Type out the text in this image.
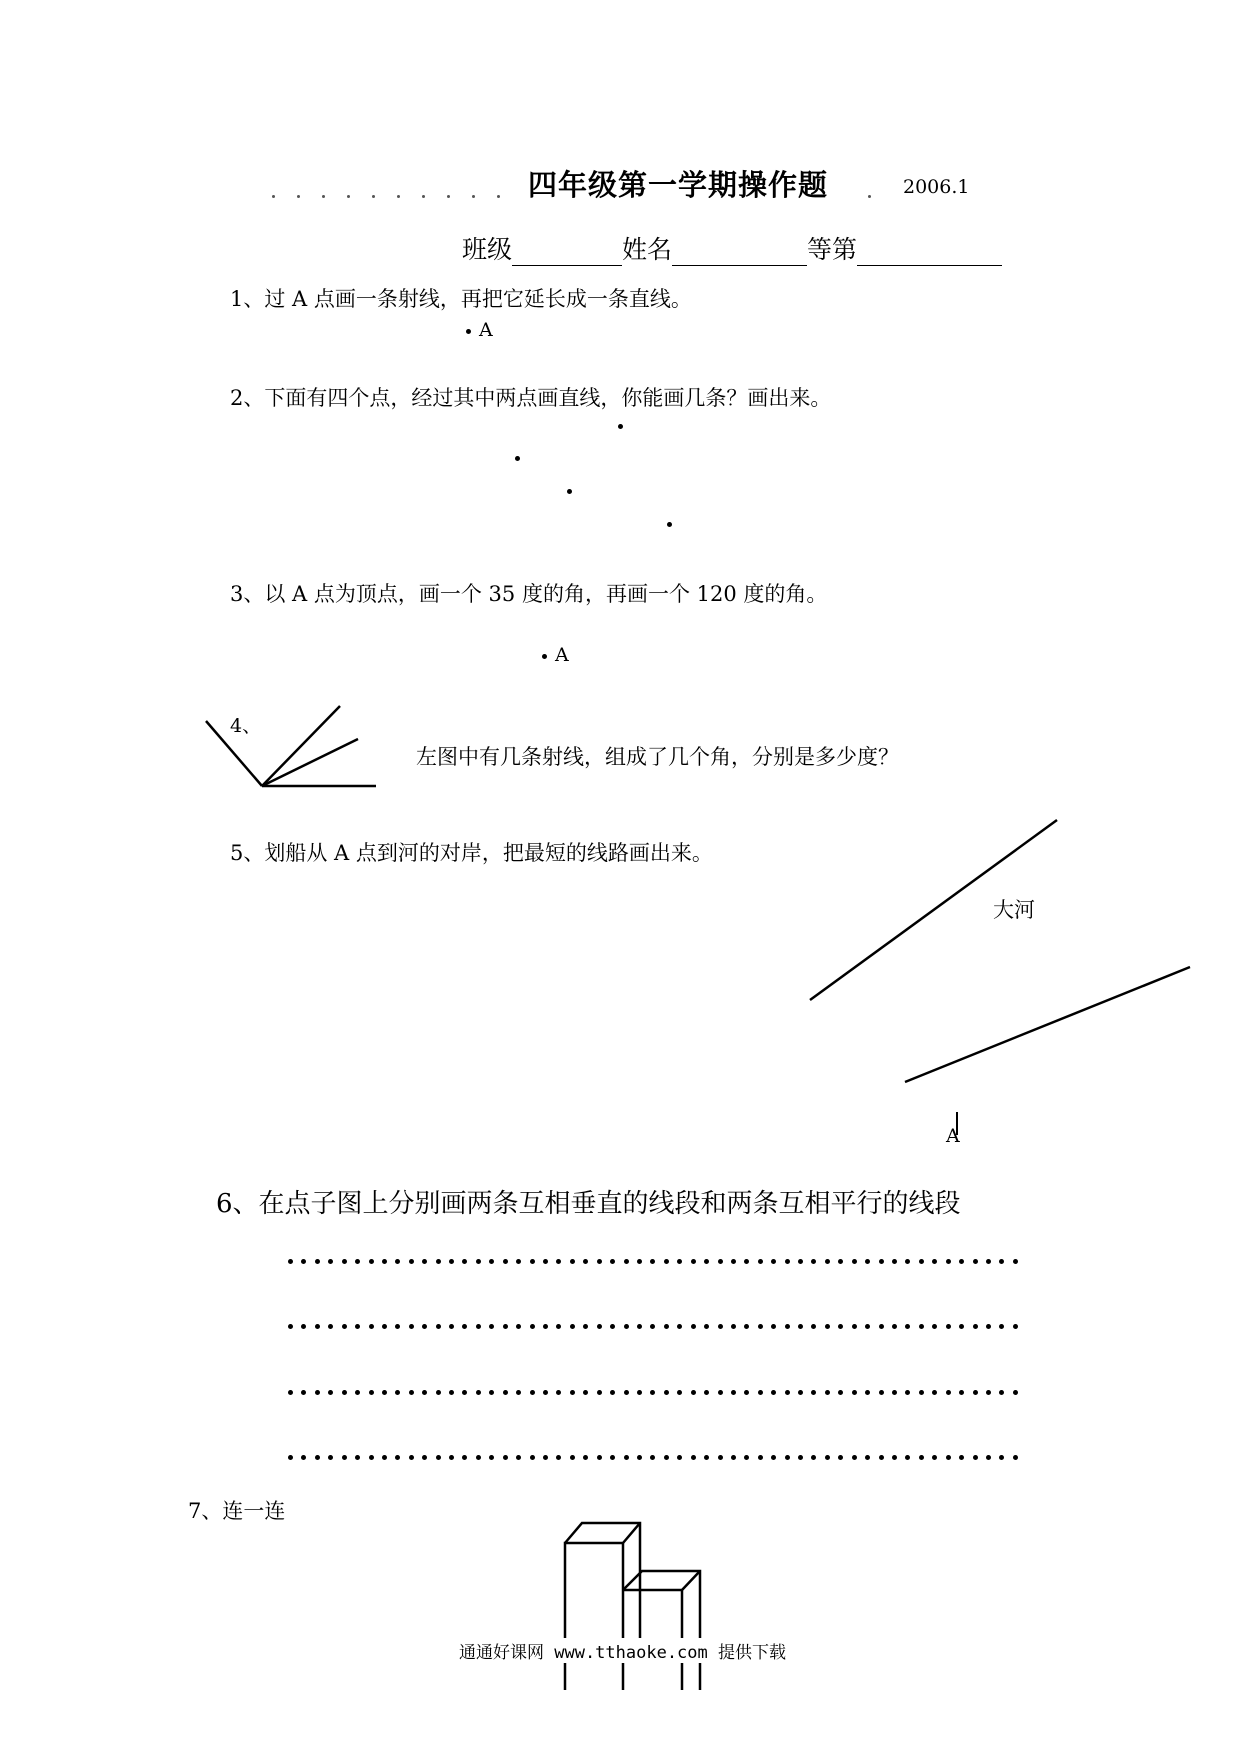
四年级第一学期操作题	2006.1
班级	姓名	等第
1、过 A 点画一条射线，再把它延长成一条直线。
A
2、下面有四个点，经过其中两点画直线，你能画几条？画出来。
3、以 A 点为顶点，画一个 35 度的角，再画一个 120 度的角。
A
4、
左图中有几条射线，组成了几个角，分别是多少度？
5、划船从 A 点到河的对岸，把最短的线路画出来。
大河
A
6、在点子图上分别画两条互相垂直的线段和两条互相平行的线段
7、连一连
通通好课网 www.tthaoke.com 提供下载
